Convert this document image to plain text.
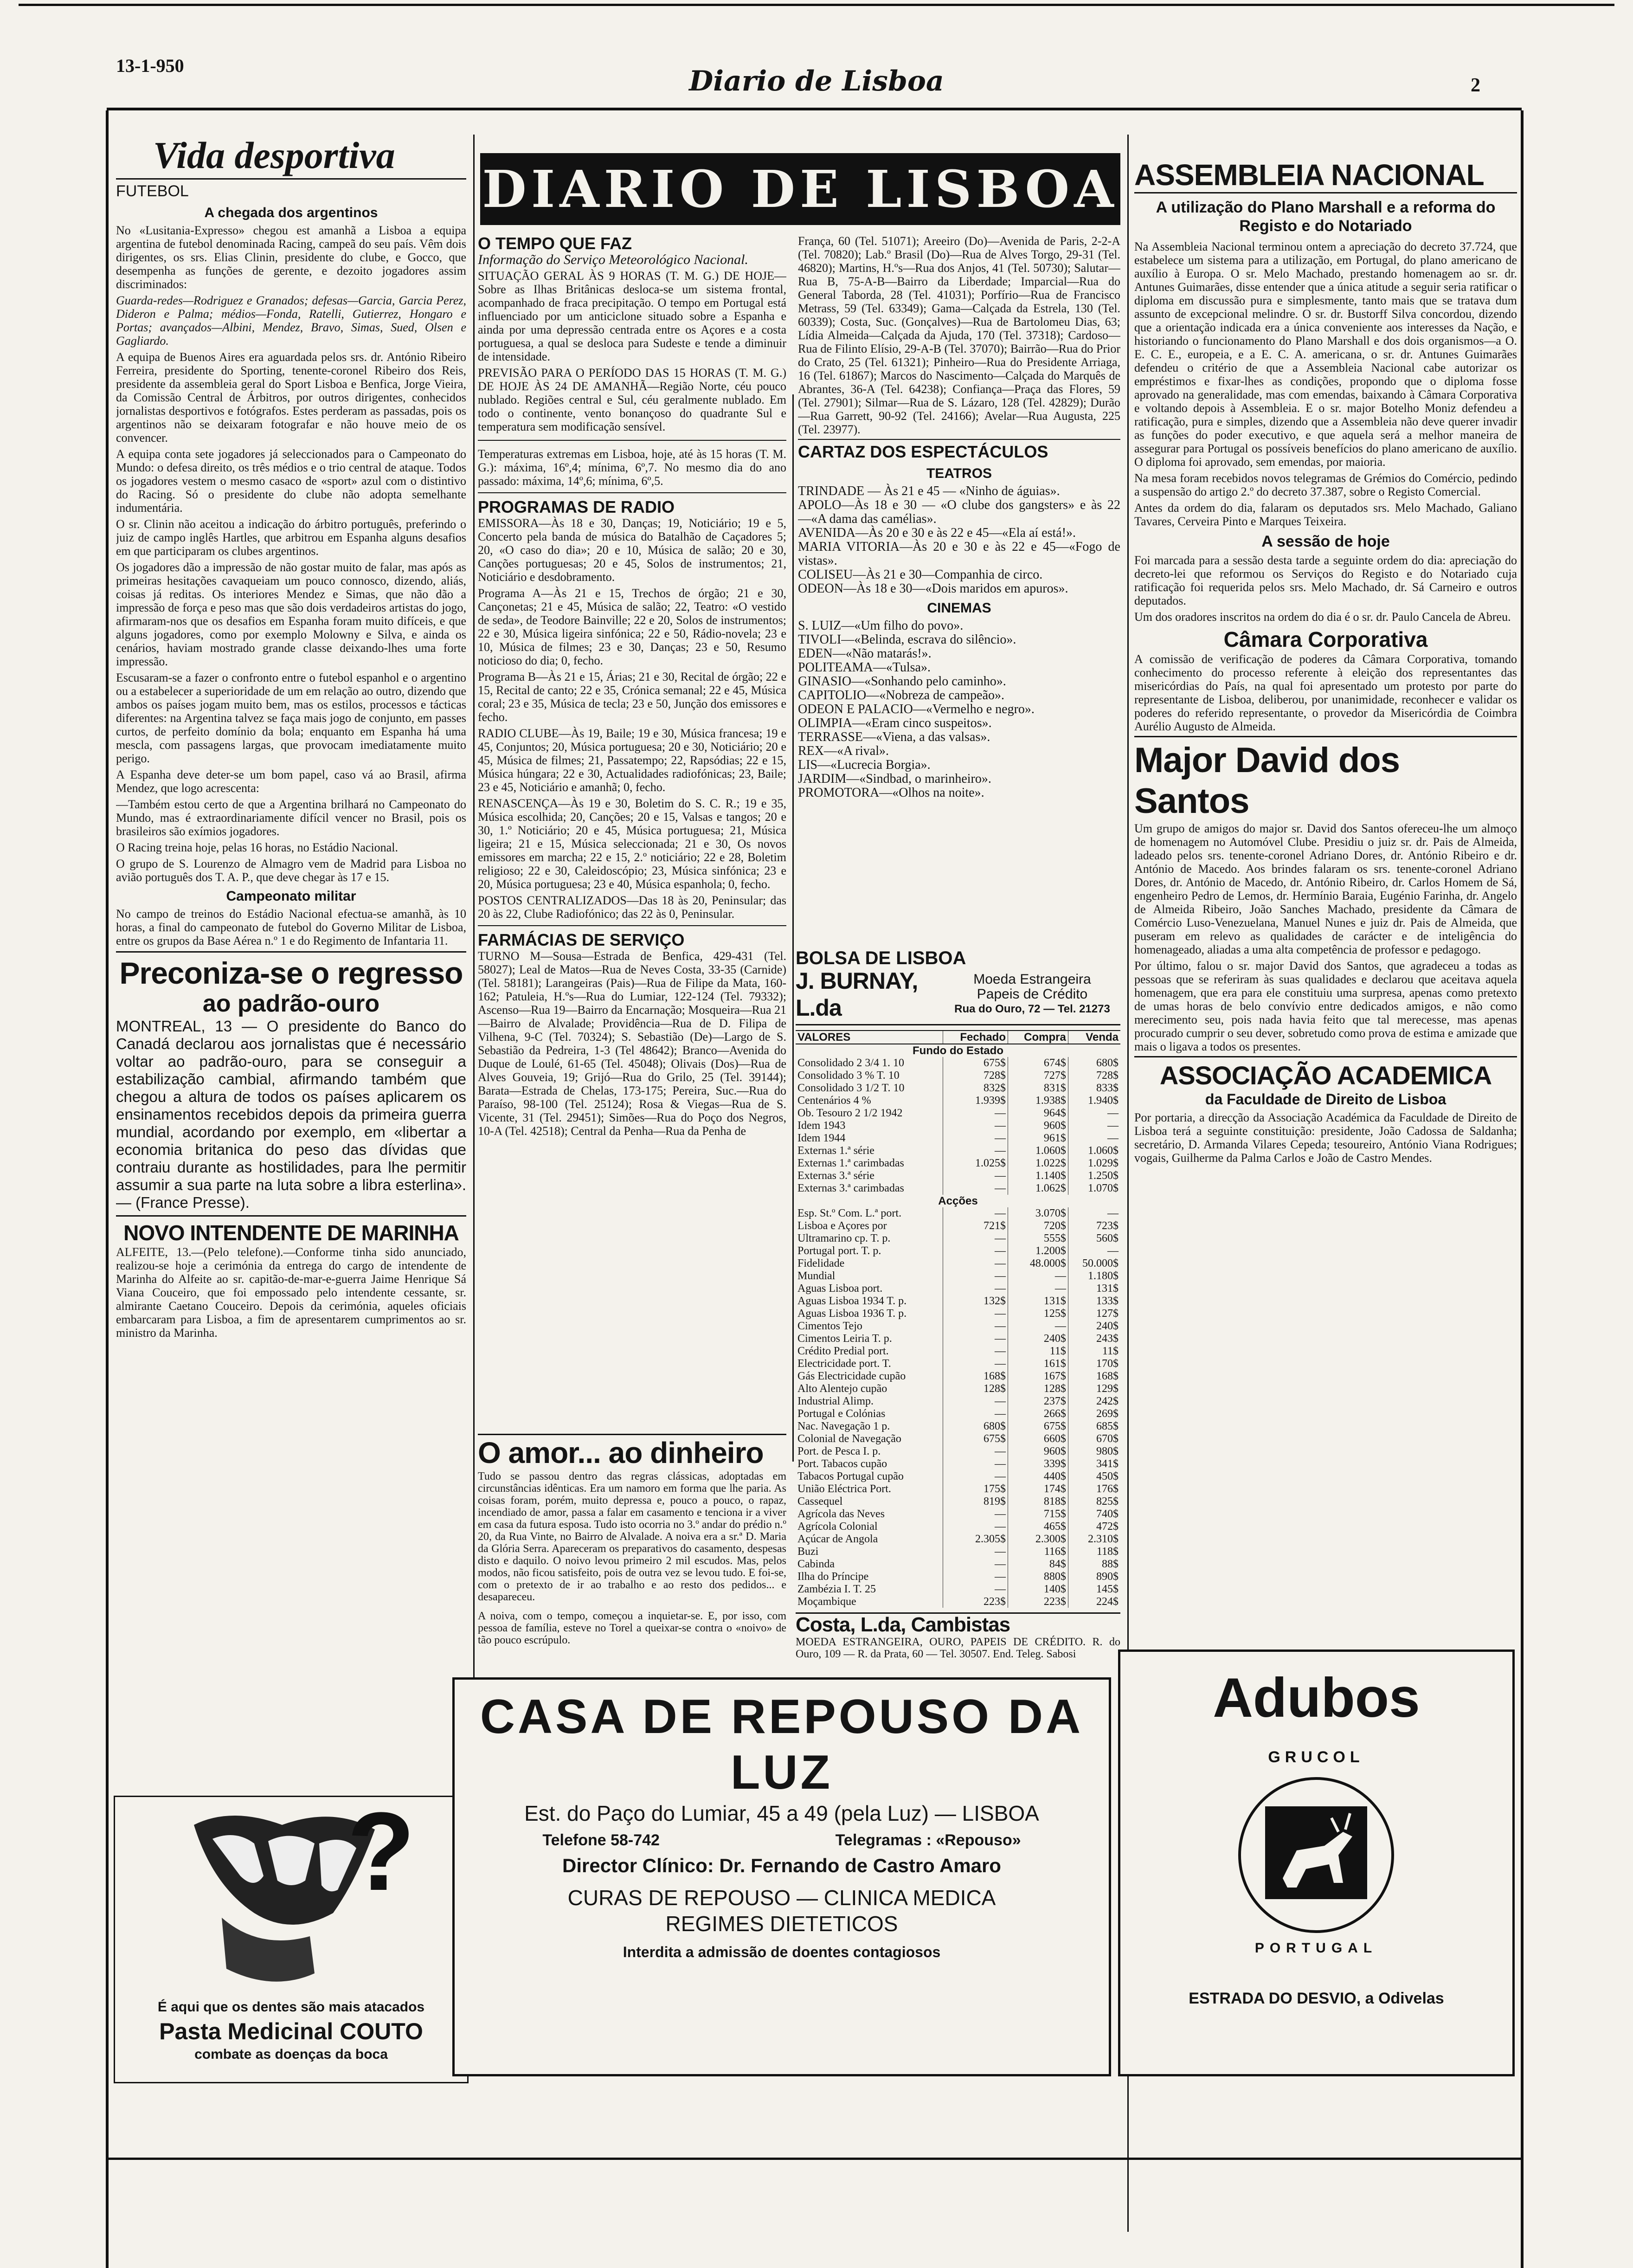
13-1-950	Diario de Lisboa	2
Vida desportiva
FUTEBOL
A chegada dos argentinos

No «Lusitania-Expresso» chegou est amanhã a Lisboa a equipa argentina de futebol denominada Racing, campeã do seu país. Vêm dois dirigentes, os srs. Elias Clinin, presidente do clube, e Gocco, que desempenha as funções de gerente, e dezoito jogadores assim discriminados:

Guarda-redes—Rodriguez e Granados; defesas—Garcia, Garcia Perez, Dideron e Palma; médios—Fonda, Ratelli, Gutierrez, Hongaro e Portas; avançados—Albini, Mendez, Bravo, Simas, Sued, Olsen e Gagliardo.

A equipa de Buenos Aires era aguardada pelos srs. dr. António Ribeiro Ferreira, presidente do Sporting, tenente-coronel Ribeiro dos Reis, presidente da assembleia geral do Sport Lisboa e Benfica, Jorge Vieira, da Comissão Central de Árbitros, por outros dirigentes, conhecidos jornalistas desportivos e fotógrafos. Estes perderam as passadas, pois os argentinos não se deixaram fotografar e não houve meio de os convencer.

A equipa conta sete jogadores já seleccionados para o Campeonato do Mundo: o defesa direito, os três médios e o trio central de ataque. Todos os jogadores vestem o mesmo casaco de «sport» azul com o distintivo do Racing. Só o presidente do clube não adopta semelhante indumentária.

O sr. Clinin não aceitou a indicação do árbitro português, preferindo o juiz de campo inglês Hartles, que arbitrou em Espanha alguns desafios em que participaram os clubes argentinos.

Os jogadores dão a impressão de não gostar muito de falar, mas após as primeiras hesitações cavaqueiam um pouco connosco, dizendo, aliás, coisas já reditas. Os interiores Mendez e Simas, que não dão a impressão de força e peso mas que são dois verdadeiros artistas do jogo, afirmaram-nos que os desafios em Espanha foram muito difíceis, e que alguns jogadores, como por exemplo Molowny e Silva, e ainda os cenários, haviam mostrado grande classe deixando-lhes uma forte impressão.

Escusaram-se a fazer o confronto entre o futebol espanhol e o argentino ou a estabelecer a superioridade de um em relação ao outro, dizendo que ambos os países jogam muito bem, mas os estilos, processos e tácticas diferentes: na Argentina talvez se faça mais jogo de conjunto, em passes curtos, de perfeito domínio da bola; enquanto em Espanha há uma mescla, com passagens largas, que provocam imediatamente muito perigo.

A Espanha deve deter-se um bom papel, caso vá ao Brasil, afirma Mendez, que logo acrescenta:

—Também estou certo de que a Argentina brilhará no Campeonato do Mundo, mas é extraordinariamente difícil vencer no Brasil, pois os brasileiros são exímios jogadores.

O Racing treina hoje, pelas 16 horas, no Estádio Nacional.

O grupo de S. Lourenzo de Almagro vem de Madrid para Lisboa no avião português dos T. A. P., que deve chegar às 17 e 15.

Campeonato militar

No campo de treinos do Estádio Nacional efectua-se amanhã, às 10 horas, a final do campeonato de futebol do Governo Militar de Lisboa, entre os grupos da Base Aérea n.º 1 e do Regimento de Infantaria 11.

Preconiza-se o regresso
ao padrão-ouro

MONTREAL, 13 — O presidente do Banco do Canadá declarou aos jornalistas que é necessário voltar ao padrão-ouro, para se conseguir a estabilização cambial, afirmando também que chegou a altura de todos os países aplicarem os ensinamentos recebidos depois da primeira guerra mundial, acordando por exemplo, em «libertar a economia britanica do peso das dívidas que contraiu durante as hostilidades, para lhe permitir assumir a sua parte na luta sobre a libra esterlina». — (France Presse).

NOVO INTENDENTE DE MARINHA

ALFEITE, 13.—(Pelo telefone).—Conforme tinha sido anunciado, realizou-se hoje a cerimónia da entrega do cargo de intendente de Marinha do Alfeite ao sr. capitão-de-mar-e-guerra Jaime Henrique Sá Viana Couceiro, que foi empossado pelo intendente cessante, sr. almirante Caetano Couceiro. Depois da cerimónia, aqueles oficiais embarcaram para Lisboa, a fim de apresentarem cumprimentos ao sr. ministro da Marinha.

?
É aqui que os dentes são mais atacados
Pasta Medicinal COUTO
combate as doenças da boca
DIARIO DE LISBOA
O TEMPO QUE FAZ

Informação do Serviço Meteorológico Nacional.

SITUAÇÃO GERAL ÀS 9 HORAS (T. M. G.) DE HOJE—Sobre as Ilhas Britânicas desloca-se um sistema frontal, acompanhado de fraca precipitação. O tempo em Portugal está influenciado por um anticiclone situado sobre a Espanha e ainda por uma depressão centrada entre os Açores e a costa portuguesa, a qual se desloca para Sudeste e tende a diminuir de intensidade.

PREVISÃO PARA O PERÍODO DAS 15 HORAS (T. M. G.) DE HOJE ÀS 24 DE AMANHÃ—Região Norte, céu pouco nublado. Regiões central e Sul, céu geralmente nublado. Em todo o continente, vento bonançoso do quadrante Sul e temperatura sem modificação sensível.

Temperaturas extremas em Lisboa, hoje, até às 15 horas (T. M. G.): máxima, 16º,4; mínima, 6º,7. No mesmo dia do ano passado: máxima, 14º,6; mínima, 6º,5.

PROGRAMAS DE RADIO

EMISSORA—Às 18 e 30, Danças; 19, Noticiário; 19 e 5, Concerto pela banda de música do Batalhão de Caçadores 5; 20, «O caso do dia»; 20 e 10, Música de salão; 20 e 30, Canções portuguesas; 20 e 45, Solos de instrumentos; 21, Noticiário e desdobramento.

Programa A—Às 21 e 15, Trechos de órgão; 21 e 30, Cançonetas; 21 e 45, Música de salão; 22, Teatro: «O vestido de seda», de Teodore Bainville; 22 e 20, Solos de instrumentos; 22 e 30, Música ligeira sinfónica; 22 e 50, Rádio-novela; 23 e 10, Música de filmes; 23 e 30, Danças; 23 e 50, Resumo noticioso do dia; 0, fecho.

Programa B—Às 21 e 15, Árias; 21 e 30, Recital de órgão; 22 e 15, Recital de canto; 22 e 35, Crónica semanal; 22 e 45, Música coral; 23 e 35, Música de tecla; 23 e 50, Junção dos emissores e fecho.

RADIO CLUBE—Às 19, Baile; 19 e 30, Música francesa; 19 e 45, Conjuntos; 20, Música portuguesa; 20 e 30, Noticiário; 20 e 45, Música de filmes; 21, Passatempo; 22, Rapsódias; 22 e 15, Música húngara; 22 e 30, Actualidades radiofónicas; 23, Baile; 23 e 45, Noticiário e amanhã; 0, fecho.

RENASCENÇA—Às 19 e 30, Boletim do S. C. R.; 19 e 35, Música escolhida; 20, Canções; 20 e 15, Valsas e tangos; 20 e 30, 1.º Noticiário; 20 e 45, Música portuguesa; 21, Música ligeira; 21 e 15, Música seleccionada; 21 e 30, Os novos emissores em marcha; 22 e 15, 2.º noticiário; 22 e 28, Boletim religioso; 22 e 30, Caleidoscópio; 23, Música sinfónica; 23 e 20, Música portuguesa; 23 e 40, Música espanhola; 0, fecho.

POSTOS CENTRALIZADOS—Das 18 às 20, Peninsular; das 20 às 22, Clube Radiofónico; das 22 às 0, Peninsular.

FARMÁCIAS DE SERVIÇO

TURNO M—Sousa—Estrada de Benfica, 429-431 (Tel. 58027); Leal de Matos—Rua de Neves Costa, 33-35 (Carnide) (Tel. 58181); Larangeiras (Pais)—Rua de Filipe da Mata, 160-162; Patuleia, H.ºs—Rua do Lumiar, 122-124 (Tel. 79332); Ascenso—Rua 19—Bairro da Encarnação; Mosqueira—Rua 21—Bairro de Alvalade; Providência—Rua de D. Filipa de Vilhena, 9-C (Tel. 70324); S. Sebastião (De)—Largo de S. Sebastião da Pedreira, 1-3 (Tel 48642); Branco—Avenida do Duque de Loulé, 61-65 (Tel. 45048); Olivais (Dos)—Rua de Alves Gouveia, 19; Grijó—Rua do Grilo, 25 (Tel. 39144); Barata—Estrada de Chelas, 173-175; Pereira, Suc.—Rua do Paraíso, 98-100 (Tel. 25124); Rosa & Viegas—Rua de S. Vicente, 31 (Tel. 29451); Simões—Rua do Poço dos Negros, 10-A (Tel. 42518); Central da Penha—Rua da Penha de

O amor... ao dinheiro

Tudo se passou dentro das regras clássicas, adoptadas em circunstâncias idênticas. Era um namoro em forma que lhe paria. As coisas foram, porém, muito depressa e, pouco a pouco, o rapaz, incendiado de amor, passa a falar em casamento e tenciona ir a viver em casa da futura esposa. Tudo isto ocorria no 3.º andar do prédio n.º 20, da Rua Vinte, no Bairro de Alvalade. A noiva era a sr.ª D. Maria da Glória Serra. Apareceram os preparativos do casamento, despesas disto e daquilo. O noivo levou primeiro 2 mil escudos. Mas, pelos modos, não ficou satisfeito, pois de outra vez se levou tudo. E foi-se, com o pretexto de ir ao trabalho e ao resto dos pedidos... e desapareceu.

A noiva, com o tempo, começou a inquietar-se. E, por isso, com pessoa de família, esteve no Torel a queixar-se contra o «noivo» de tão pouco escrúpulo.

França, 60 (Tel. 51071); Areeiro (Do)—Avenida de Paris, 2-2-A (Tel. 70820); Lab.º Brasil (Do)—Rua de Alves Torgo, 29-31 (Tel. 46820); Martins, H.ºs—Rua dos Anjos, 41 (Tel. 50730); Salutar—Rua B, 75-A-B—Bairro da Liberdade; Imparcial—Rua do General Taborda, 28 (Tel. 41031); Porfírio—Rua de Francisco Metrass, 59 (Tel. 63349); Gama—Calçada da Estrela, 130 (Tel. 60339); Costa, Suc. (Gonçalves)—Rua de Bartolomeu Dias, 63; Lídia Almeida—Calçada da Ajuda, 170 (Tel. 37318); Cardoso—Rua de Filinto Elísio, 29-A-B (Tel. 37070); Bairrão—Rua do Prior do Crato, 25 (Tel. 61321); Pinheiro—Rua do Presidente Arriaga, 16 (Tel. 61867); Marcos do Nascimento—Calçada do Marquês de Abrantes, 36-A (Tel. 64238); Confiança—Praça das Flores, 59 (Tel. 27901); Silmar—Rua de S. Lázaro, 128 (Tel. 42829); Durão—Rua Garrett, 90-92 (Tel. 24166); Avelar—Rua Augusta, 225 (Tel. 23977).

CARTAZ DOS ESPECTÁCULOS
TEATROS

TRINDADE — Às 21 e 45 — «Ninho de águias».

APOLO—Às 18 e 30 — «O clube dos gangsters» e às 22—«A dama das camélias».

AVENIDA—Às 20 e 30 e às 22 e 45—«Ela aí está!».

MARIA VITORIA—Às 20 e 30 e às 22 e 45—«Fogo de vistas».

COLISEU—Às 21 e 30—Companhia de circo.

ODEON—Às 18 e 30—«Dois maridos em apuros».

CINEMAS

S. LUIZ—«Um filho do povo».

TIVOLI—«Belinda, escrava do silêncio».

EDEN—«Não matarás!».

POLITEAMA—«Tulsa».

GINASIO—«Sonhando pelo caminho».

CAPITOLIO—«Nobreza de campeão».

ODEON E PALACIO—«Vermelho e negro».

OLIMPIA—«Eram cinco suspeitos».

TERRASSE—«Viena, a das valsas».

REX—«A rival».

LIS—«Lucrecia Borgia».

JARDIM—«Sindbad, o marinheiro».

PROMOTORA—«Olhos na noite».

BOLSA DE LISBOA
J. BURNAY, L.da
Moeda Estrangeira
Papeis de Crédito
Rua do Ouro, 72 — Tel. 21273
VALORES	Fechado	Compra	Venda
Fundo do Estado			
Consolidado 2 3/4 1. 10	675$	674$	680$
Consolidado 3 % T. 10	728$	727$	728$
Consolidado 3 1/2 T. 10	832$	831$	833$
Centenários 4 %	1.939$	1.938$	1.940$
Ob. Tesouro 2 1/2 1942	—	964$	—
Idem 1943	—	960$	—
Idem 1944	—	961$	—
Externas 1.ª série	—	1.060$	1.060$
Externas 1.ª carimbadas	1.025$	1.022$	1.029$
Externas 3.ª série	—	1.140$	1.250$
Externas 3.ª carimbadas	—	1.062$	1.070$
Acções			
Esp. St.º Com. L.ª port.	—	3.070$	—
Lisboa e Açores por	721$	720$	723$
Ultramarino cp. T. p.	—	555$	560$
Portugal port. T. p.	—	1.200$	—
Fidelidade	—	48.000$	50.000$
Mundial	—	—	1.180$
Aguas Lisboa port.	—	—	131$
Aguas Lisboa 1934 T. p.	132$	131$	133$
Aguas Lisboa 1936 T. p.	—	125$	127$
Cimentos Tejo	—	—	240$
Cimentos Leiria T. p.	—	240$	243$
Crédito Predial port.	—	11$	11$
Electricidade port. T.	—	161$	170$
Gás Electricidade cupão	168$	167$	168$
Alto Alentejo cupão	128$	128$	129$
Industrial Alimp.	—	237$	242$
Portugal e Colónias	—	266$	269$
Nac. Navegação 1 p.	680$	675$	685$
Colonial de Navegação	675$	660$	670$
Port. de Pesca I. p.	—	960$	980$
Port. Tabacos cupão	—	339$	341$
Tabacos Portugal cupão	—	440$	450$
União Eléctrica Port.	175$	174$	176$
Cassequel	819$	818$	825$
Agrícola das Neves	—	715$	740$
Agrícola Colonial	—	465$	472$
Açúcar de Angola	2.305$	2.300$	2.310$
Buzi	—	116$	118$
Cabinda	—	84$	88$
Ilha do Príncipe	—	880$	890$
Zambézia I. T. 25	—	140$	145$
Moçambique	223$	223$	224$

Costa, L.da, Cambistas
MOEDA ESTRANGEIRA, OURO, PAPEIS DE CRÉDITO. R. do Ouro, 109 — R. da Prata, 60 — Tel. 30507. End. Teleg. Sabosi
ASSEMBLEIA NACIONAL
A utilização do Plano Marshall e a reforma do Registo e do Notariado

Na Assembleia Nacional terminou ontem a apreciação do decreto 37.724, que estabelece um sistema para a utilização, em Portugal, do plano americano de auxílio à Europa. O sr. Melo Machado, prestando homenagem ao sr. dr. Antunes Guimarães, disse entender que a única atitude a seguir seria ratificar o diploma em discussão pura e simplesmente, tanto mais que se tratava dum assunto de excepcional melindre. O sr. dr. Bustorff Silva concordou, dizendo que a orientação indicada era a única conveniente aos interesses da Nação, e historiando o funcionamento do Plano Marshall e dos dois organismos—a O. E. C. E., europeia, e a E. C. A. americana, o sr. dr. Antunes Guimarães defendeu o critério de que a Assembleia Nacional cabe autorizar os empréstimos e fixar-lhes as condições, propondo que o diploma fosse aprovado na generalidade, mas com emendas, baixando à Câmara Corporativa e voltando depois à Assembleia. E o sr. major Botelho Moniz defendeu a ratificação, pura e simples, dizendo que a Assembleia não deve querer invadir as funções do poder executivo, e que aquela será a melhor maneira de assegurar para Portugal os possíveis benefícios do plano americano de auxílio. O diploma foi aprovado, sem emendas, por maioria.

Na mesa foram recebidos novos telegramas de Grémios do Comércio, pedindo a suspensão do artigo 2.º do decreto 37.387, sobre o Registo Comercial.

Antes da ordem do dia, falaram os deputados srs. Melo Machado, Galiano Tavares, Cerveira Pinto e Marques Teixeira.

A sessão de hoje

Foi marcada para a sessão desta tarde a seguinte ordem do dia: apreciação do decreto-lei que reformou os Serviços do Registo e do Notariado cuja ratificação foi requerida pelos srs. Melo Machado, dr. Sá Carneiro e outros deputados.

Um dos oradores inscritos na ordem do dia é o sr. dr. Paulo Cancela de Abreu.

Câmara Corporativa

A comissão de verificação de poderes da Câmara Corporativa, tomando conhecimento do processo referente à eleição dos representantes das misericórdias do País, na qual foi apresentado um protesto por parte do representante de Lisboa, deliberou, por unanimidade, reconhecer e validar os poderes do referido representante, o provedor da Misericórdia de Coimbra Aurélio Augusto de Almeida.

Major David dos Santos

Um grupo de amigos do major sr. David dos Santos ofereceu-lhe um almoço de homenagem no Automóvel Clube. Presidiu o juiz sr. dr. Pais de Almeida, ladeado pelos srs. tenente-coronel Adriano Dores, dr. António Ribeiro e dr. António de Macedo. Aos brindes falaram os srs. tenente-coronel Adriano Dores, dr. António de Macedo, dr. António Ribeiro, dr. Carlos Homem de Sá, engenheiro Pedro de Lemos, dr. Hermínio Baraia, Eugénio Farinha, dr. Angelo de Almeida Ribeiro, João Sanches Machado, presidente da Câmara de Comércio Luso-Venezuelana, Manuel Nunes e juiz dr. Pais de Almeida, que puseram em relevo as qualidades de carácter e de inteligência do homenageado, aliadas a uma alta competência de professor e pedagogo.

Por último, falou o sr. major David dos Santos, que agradeceu a todas as pessoas que se referiram às suas qualidades e declarou que aceitava aquela homenagem, que era para ele constituiu uma surpresa, apenas como pretexto de umas horas de belo convívio entre dedicados amigos, e não como merecimento seu, pois nada havia feito que tal merecesse, mas apenas procurado cumprir o seu dever, sobretudo como prova de estima e amizade que mais o ligava a todos os presentes.

ASSOCIAÇÃO ACADEMICA
da Faculdade de Direito de Lisboa

Por portaria, a direcção da Associação Académica da Faculdade de Direito de Lisboa terá a seguinte constituição: presidente, João Cadossa de Saldanha; secretário, D. Armanda Vilares Cepeda; tesoureiro, António Viana Rodrigues; vogais, Guilherme da Palma Carlos e João de Castro Mendes.

Adubos
GRUCOL
PORTUGAL
ESTRADA DO DESVIO, a Odivelas
CASA DE REPOUSO DA LUZ
Est. do Paço do Lumiar, 45 a 49 (pela Luz) — LISBOA
Telefone 58-742	Telegramas : «Repouso»
Director Clínico: Dr. Fernando de Castro Amaro
CURAS DE REPOUSO — CLINICA MEDICA
REGIMES DIETETICOS
Interdita a admissão de doentes contagiosos
